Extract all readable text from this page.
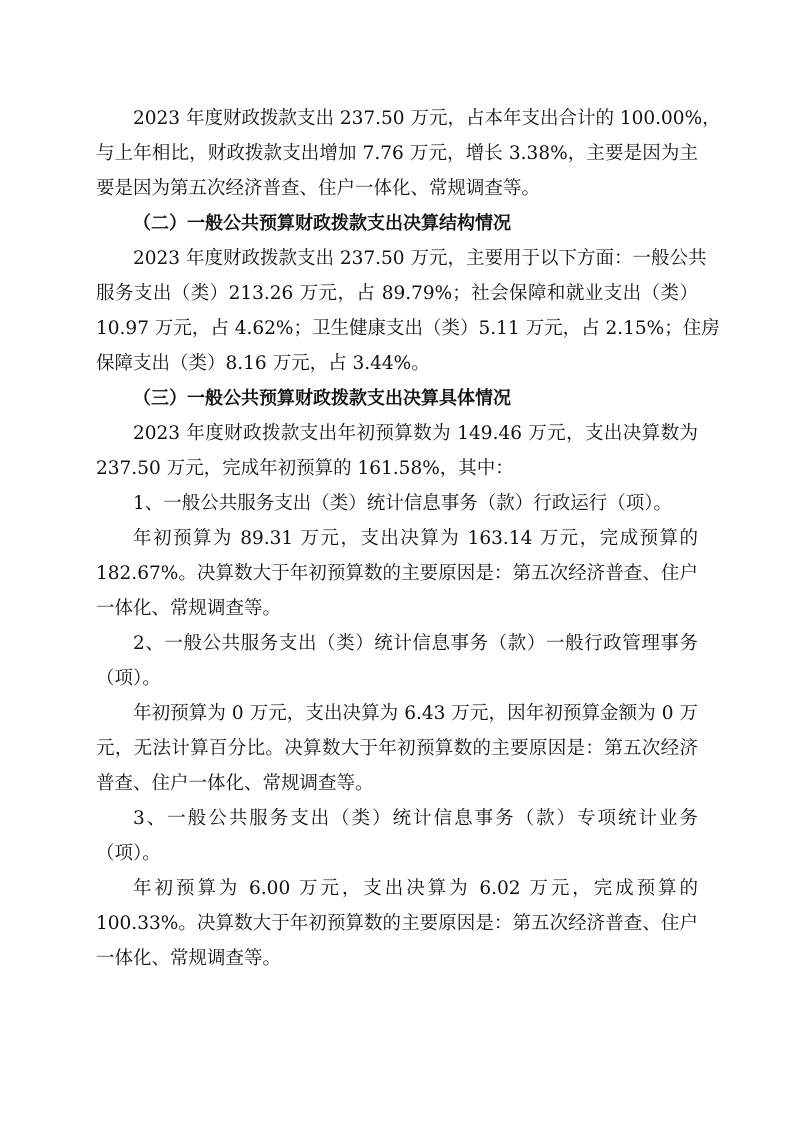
2023 年度财政拨款支出 237.50 万元，占本年支出合计的 100.00%，
与上年相比，财政拨款支出增加 7.76 万元，增长 3.38%，主要是因为主
要是因为第五次经济普查、住户一体化、常规调查等。
（二）一般公共预算财政拨款支出决算结构情况
2023 年度财政拨款支出 237.50 万元，主要用于以下方面：一般公共
服务支出（类）213.26 万元，占 89.79%；社会保障和就业支出（类）
10.97 万元，占 4.62%；卫生健康支出（类）5.11 万元，占 2.15%；住房
保障支出（类）8.16 万元，占 3.44%。
（三）一般公共预算财政拨款支出决算具体情况
2023 年度财政拨款支出年初预算数为 149.46 万元，支出决算数为
237.50 万元，完成年初预算的 161.58%，其中：
1、一般公共服务支出（类）统计信息事务（款）行政运行（项）。
年初预算为 89.31 万元，支出决算为 163.14 万元，完成预算的
182.67%。决算数大于年初预算数的主要原因是：第五次经济普查、住户
一体化、常规调查等。
2、一般公共服务支出（类）统计信息事务（款）一般行政管理事务
（项）。
年初预算为 0 万元，支出决算为 6.43 万元，因年初预算金额为 0 万
元，无法计算百分比。决算数大于年初预算数的主要原因是：第五次经济
普查、住户一体化、常规调查等。
3、一般公共服务支出（类）统计信息事务（款）专项统计业务
（项）。
年初预算为 6.00 万元，支出决算为 6.02 万元，完成预算的
100.33%。决算数大于年初预算数的主要原因是：第五次经济普查、住户
一体化、常规调查等。
